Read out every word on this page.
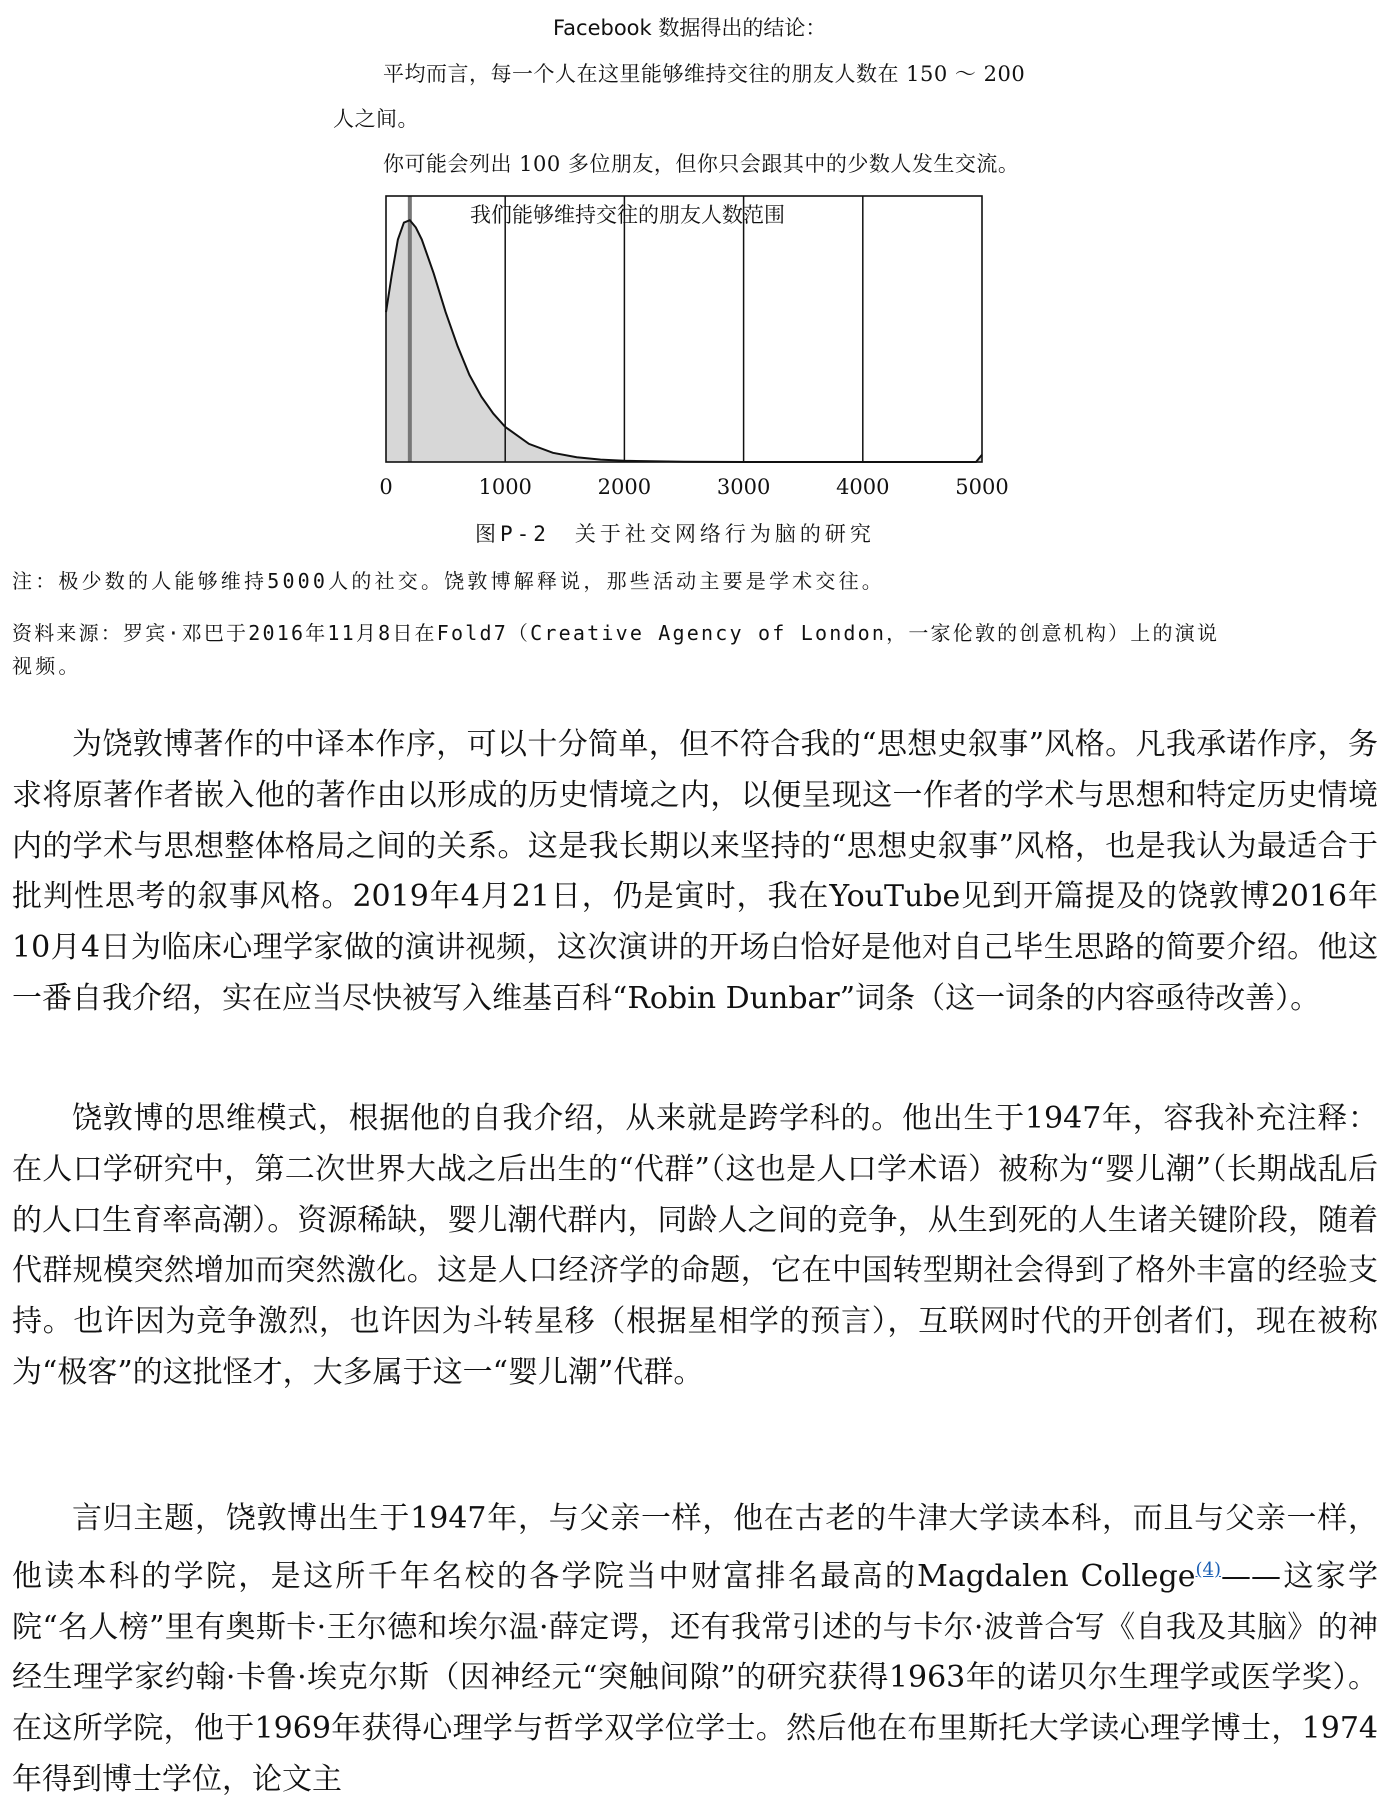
Facebook 数据得出的结论：
平均而言，每一个人在这里能够维持交往的朋友人数在 150 ～ 200
人之间。
你可能会列出 100 多位朋友，但你只会跟其中的少数人发生交流。
0	1000	2000	3000	4000	5000
我们能够维持交往的朋友人数范围
图P-2　关于社交网络行为脑的研究
注：极少数的人能够维持5000人的社交。饶敦博解释说，那些活动主要是学术交往。
资料来源：罗宾·邓巴于2016年11月8日在Fold7（Creative Agency of London，一家伦敦的创意机构）上的演说
视频。

为饶敦博著作的中译本作序，可以十分简单，但不符合我的“思想史叙事”风格。凡我承诺作序，务求将原著作者嵌入他的著作由以形成的历史情境之内，以便呈现这一作者的学术与思想和特定历史情境内的学术与思想整体格局之间的关系。这是我长期以来坚持的“思想史叙事”风格，也是我认为最适合于批判性思考的叙事风格。2019年4月21日，仍是寅时，我在YouTube见到开篇提及的饶敦博2016年10月4日为临床心理学家做的演讲视频，这次演讲的开场白恰好是他对自己毕生思路的简要介绍。他这一番自我介绍，实在应当尽快被写入维基百科“Robin Dunbar”词条（这一词条的内容亟待改善）。

饶敦博的思维模式，根据他的自我介绍，从来就是跨学科的。他出生于1947年，容我补充注释：在人口学研究中，第二次世界大战之后出生的“代群”（这也是人口学术语）被称为“婴儿潮”（长期战乱后的人口生育率高潮）。资源稀缺，婴儿潮代群内，同龄人之间的竞争，从生到死的人生诸关键阶段，随着代群规模突然增加而突然激化。这是人口经济学的命题，它在中国转型期社会得到了格外丰富的经验支持。也许因为竞争激烈，也许因为斗转星移（根据星相学的预言），互联网时代的开创者们，现在被称为“极客”的这批怪才，大多属于这一“婴儿潮”代群。

言归主题，饶敦博出生于1947年，与父亲一样，他在古老的牛津大学读本科，而且与父亲一样，他读本科的学院，是这所千年名校的各学院当中财富排名最高的Magdalen College$^{(4)}$——这家学院“名人榜”里有奥斯卡·王尔德和埃尔温·薛定谔，还有我常引述的与卡尔·波普合写《自我及其脑》的神经生理学家约翰·卡鲁·埃克尔斯（因神经元“突触间隙”的研究获得1963年的诺贝尔生理学或医学奖）。在这所学院，他于1969年获得心理学与哲学双学位学士。然后他在布里斯托大学读心理学博士，1974年得到博士学位，论文主
